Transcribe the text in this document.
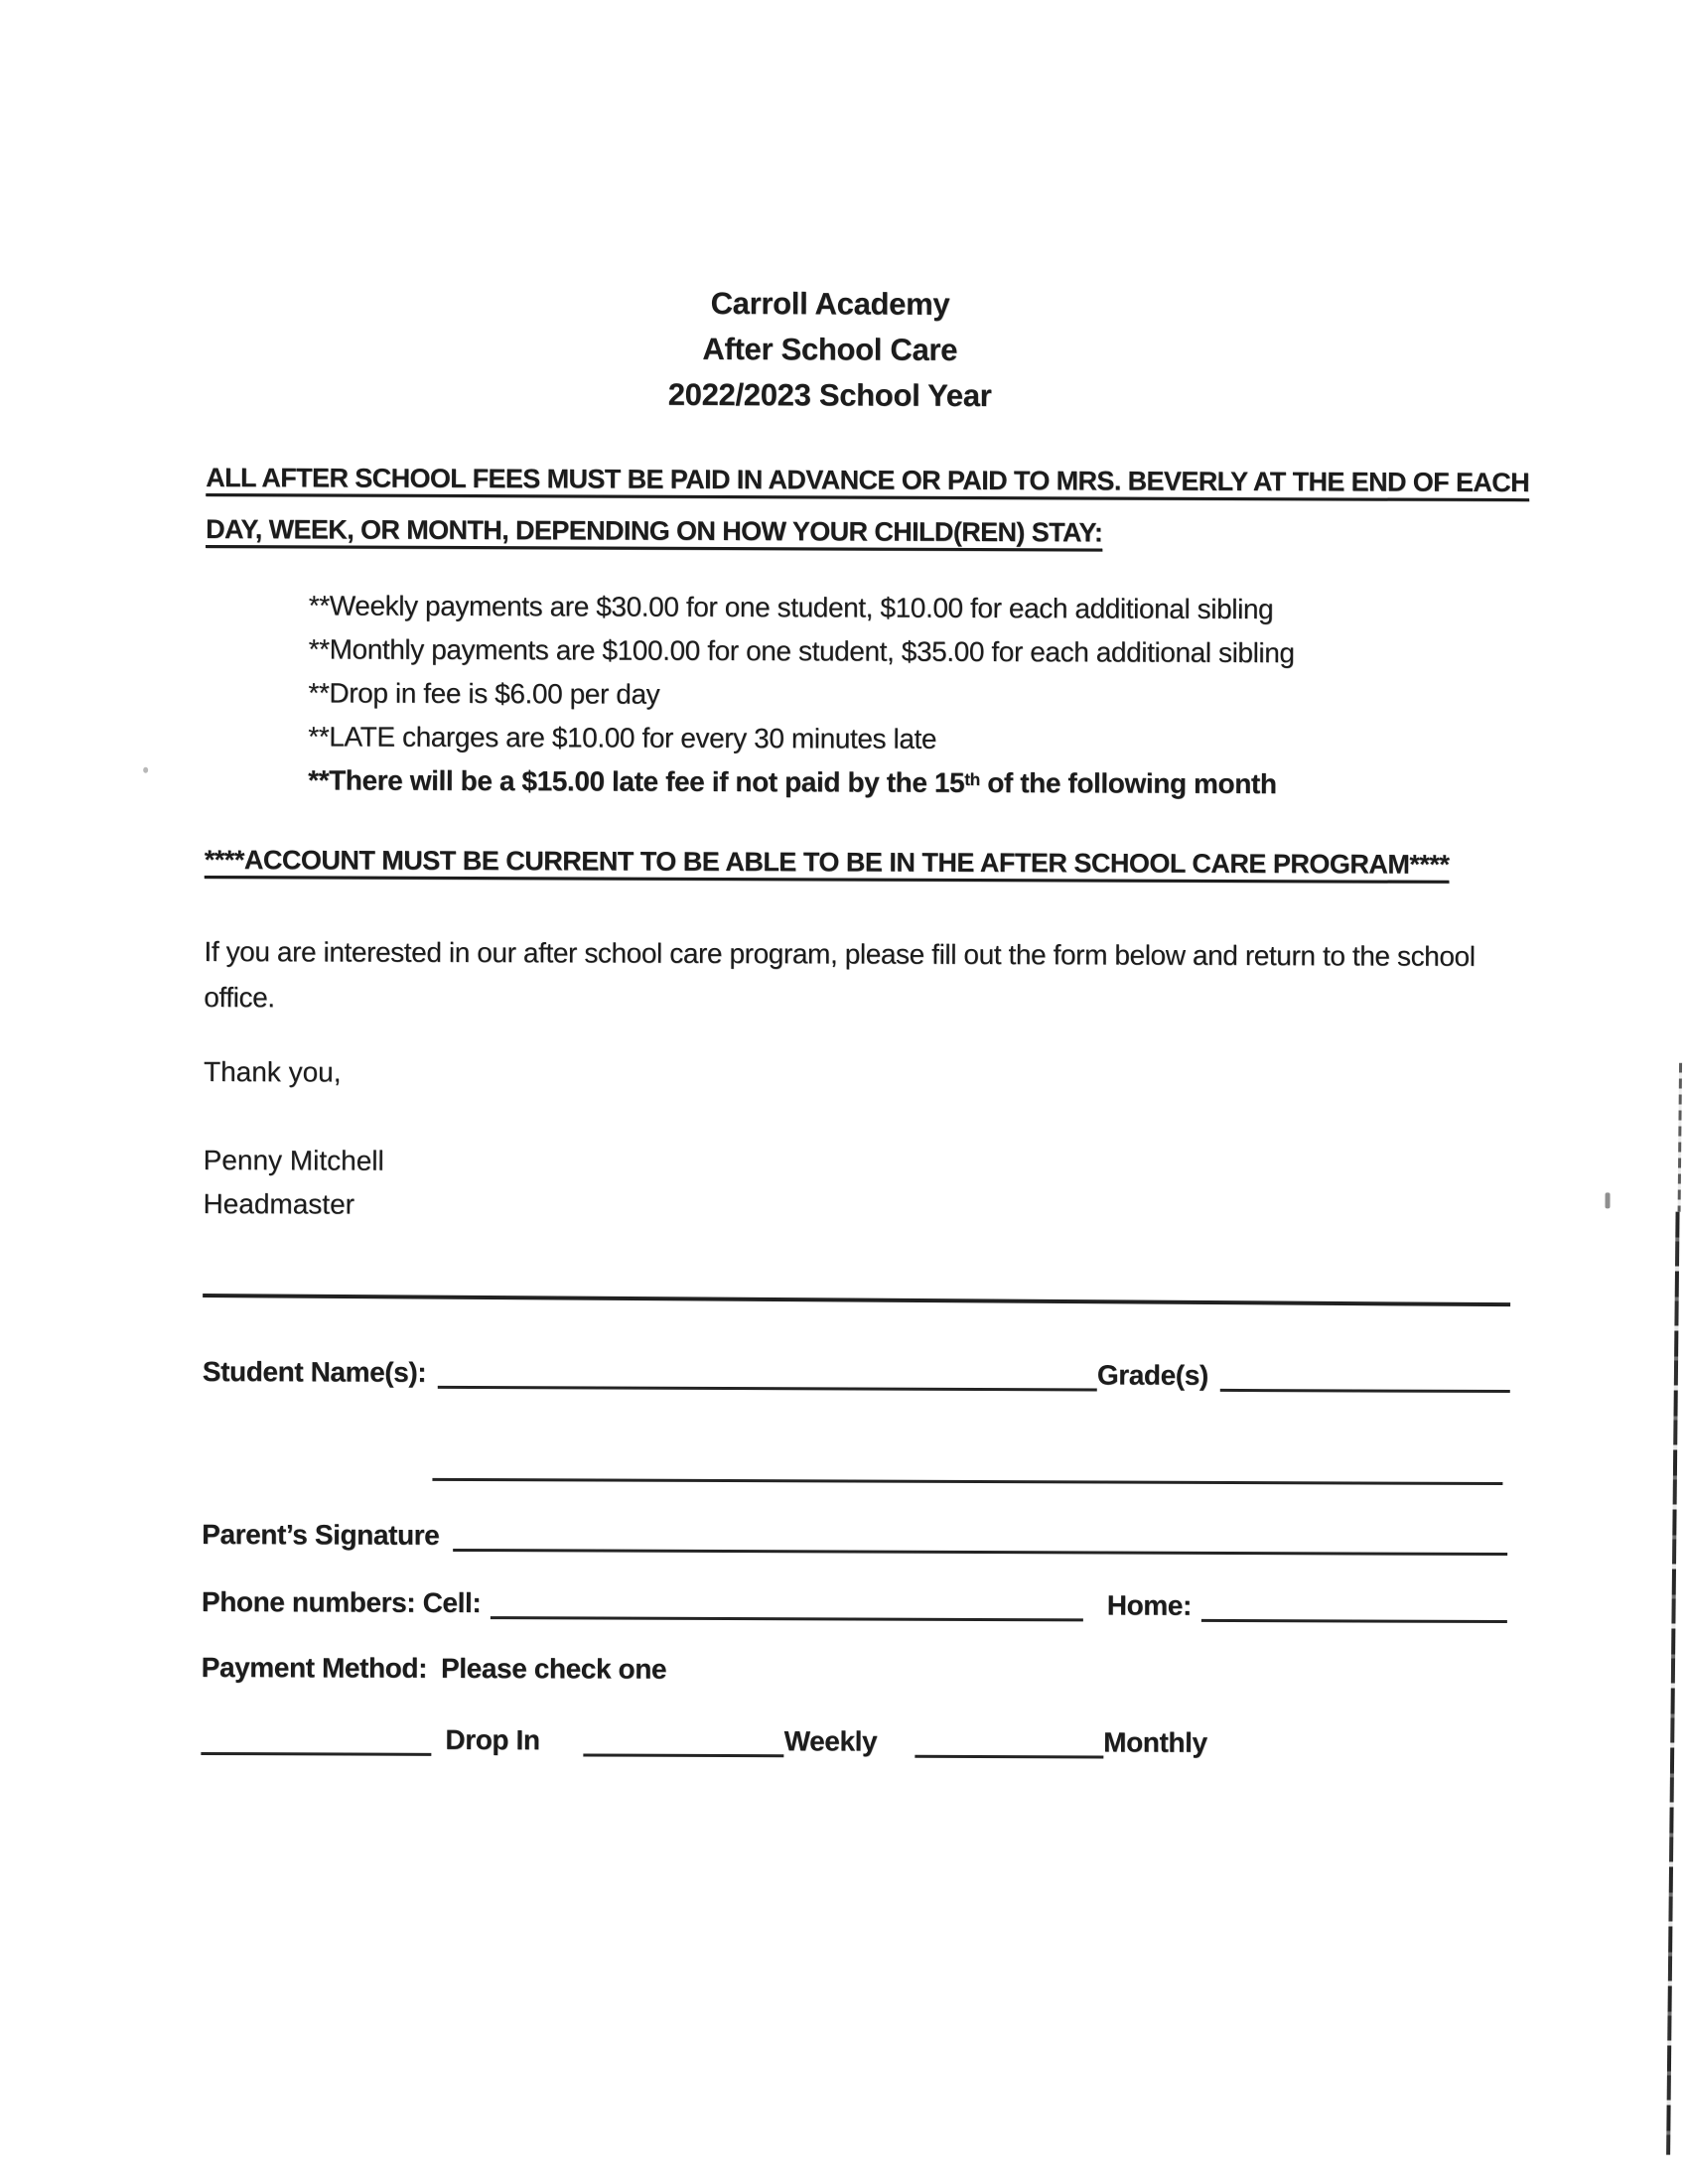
Carroll Academy
After School Care
2022/2023 School Year
ALL AFTER SCHOOL FEES MUST BE PAID IN ADVANCE OR PAID TO MRS. BEVERLY AT THE END OF EACH DAY, WEEK, OR MONTH, DEPENDING ON HOW YOUR CHILD(REN) STAY:
**Weekly payments are $30.00 for one student, $10.00 for each additional sibling
**Monthly payments are $100.00 for one student, $35.00 for each additional sibling
**Drop in fee is $6.00 per day
**LATE charges are $10.00 for every 30 minutes late
**There will be a $15.00 late fee if not paid by the 15th of the following month
****ACCOUNT MUST BE CURRENT TO BE ABLE TO BE IN THE AFTER SCHOOL CARE PROGRAM****
If you are interested in our after school care program, please fill out the form below and return to the school office.
Thank you,
Penny Mitchell
Headmaster
Student Name(s):	Grade(s)
Parent’s Signature
Phone numbers: Cell:	Home:
Payment Method: Please check one
Drop In	Weekly	Monthly
